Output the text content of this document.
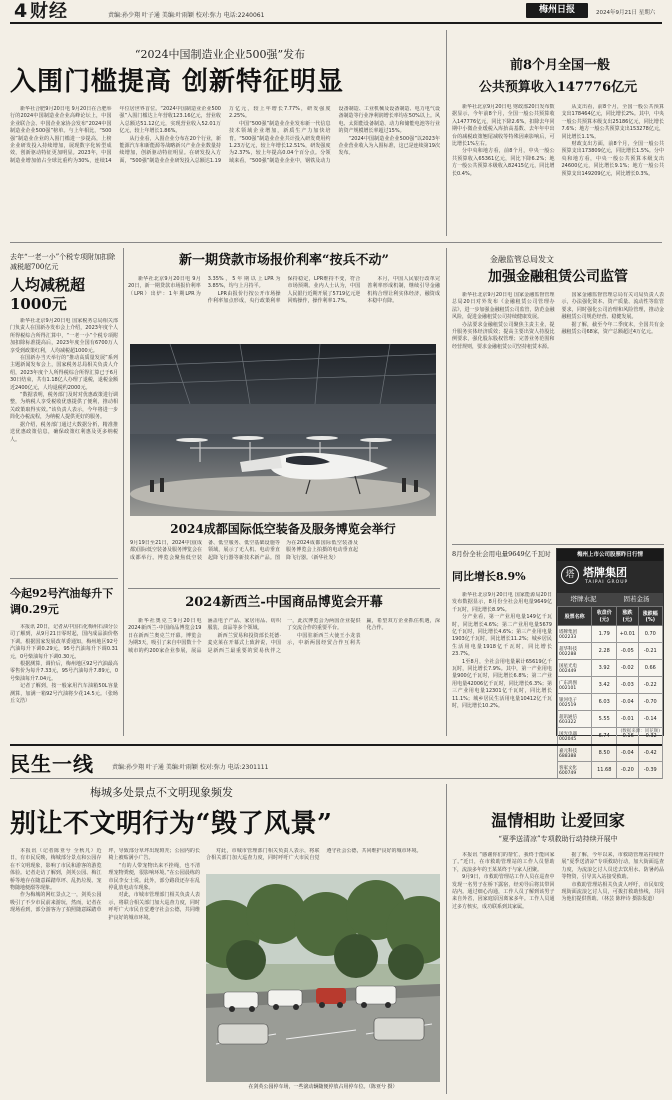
4 财经	责编:孙少翔 叶子通 美编:叶雨颖 校对:弥力 电话:2240061
梅州日报	2024年9月21日 星期六
“2024中国制造业企业500强”发布
入围门槛提高 创新特征明显

新华社合肥9月20日电 9月20日在合肥举行的2024中国制造业企业高峰论坛上，中国企业联合会、中国企业家协会发布“2024中国制造业企业500强”榜单。与上年相比，“500强”制造业企业的入围门槛进一步提高，上榜企业研发投入持续增加，展现数字化转型成效，创新驱动特征更加明显。2023年，中国制造业增加值占全球比重约为30%，连续14年位居世界首位。“2024中国制造业企业500强”入围门槛达上年营收123.16亿元，营业收入总额达51.12亿元，实现营业收入52.01万亿元，较上年增长1.86%。

从行业看，入围企业分布在20个行业，新能源汽车和新能源等战略新兴产业企业数量持续增加，创新驱动特征明显。在研发投入方面，“500强”制造业企业研发投入总额达1.19万亿元，较上年增长7.77%，研发强度2.25%。

中国“500强”制造业企业发布新一代信息技术领域企业增加，新质生产力加快培育。“500强”制造业企业共计投入研发费用约1.23万亿元，较上年增长12.51%，研发强度为2.37%，较上年提高0.04个百分点。分领域来看，“500强”制造业企业中，钢铁及动力设备制造、工业机械及设备制造、电力电气设备制造等行业净利润增长率均在50%以上。风电、太阳能设备制造、动力和储能电池等行业的资产规模增长率超过15%。

“2024中国制造业企业500强”以2023年企业营业收入为入围标准，这已是连续第19次发布。

前8个月全国一般
公共预算收入147776亿元

新华社北京9月20日电 财政部20日发布数据显示，今年前8个月，全国一般公共预算收入147776亿元，同比下降2.6%，扣除去年同期中小微企业缓税入库抬高基数、去年年中出台的减税政策翘尾减收等特殊因素影响后，可比增长1%左右。

分中央和地方看，前8个月，中央一般公共预算收入65361亿元，同比下降6.2%；地方一般公共预算本级收入82415亿元，同比增长0.4%。

从支出看，前8个月，全国一般公共预算支出178464亿元，同比增长2%。其中，中央一般公共预算本级支出25186亿元，同比增长7.6%；地方一般公共预算支出153278亿元，同比增长1.1%。

财政支出方面，前8个月，全国一般公共预算支出173809亿元，同比增长1.5%。分中央和地方看，中央一般公共预算本级支出24600亿元，同比增长9.1%；地方一般公共预算支出149209亿元，同比增长0.3%。

去年“一老一小”个税专项附加扣除减税超700亿元
人均减税超1000元

新华社北京9月20日电 国家税务总局相关部门负责人在国新办发布会上介绍，2023年度个人所得税综合所得汇算中，“一老一小”个税专项附加扣除标准提高后，2023年度全国有6700万人享受到政策红利，人均减税超1000元。

在国新办当天举行的“推动高质量发展”系列主题新闻发布会上，国家税务总局相关负责人介绍，2023年度个人所得税综合所得汇算已于6月30日结束，共有1.18亿人办理了退税，退税金额近2400亿元，人均退税约2000元。

“数据表明，税务部门及时对优惠政策进行调整，为纳税人享受税收优惠提供了便利，推动相关政策取得实效。”该负责人表示，今年将进一步简化办税流程，为纳税人提供更好的服务。

据介绍，税务部门通过大数据分析，精准推送优惠政策信息，确保政策红利惠及更多纳税人。

今起92号汽油每升下调0.29元

本报讯 20日，记者从中国石化梅州石油分公司了解到，从9月21日零时起，国内成品油价格下调。根据国家发展改革委通知，梅州地区92号汽油每升下调0.29元，95号汽油每升下调0.31元，0号柴油每升下调0.30元。

根据测算，调价后，梅州地区92号汽油最高零售价为每升7.33元，95号汽油每升7.89元，0号柴油每升7.04元。

记者了解到，按一般家用汽车油箱50L容量测算，加满一箱92号汽油将少花14.5元。（张旸 丘文浩）

新一期贷款市场报价利率“按兵不动”

新华社北京9月20日电 9月20日，新一期贷款市场报价利率（LPR）出炉：1年期LPR为3.35%，5年期以上LPR为3.85%，均与上月持平。

LPR由报价行按公开市场操作利率加点形成，央行政策利率保持稳定，LPR维持不变，符合市场预期。业内人士认为，中国人民银行近期开展了5719亿元逆回购操作，操作利率1.7%。

本月，中国人民银行改革完善利率形成机制，继续引导金融机构合理让利实体经济，融资成本稳中有降。

2024成都国际低空装备及服务博览会举行
9月19日至21日，2024中国(成都)国际低空装备及服务博览会在成都举行。博览会聚焦低空装备、低空服务、低空基础设施等领域，展示了无人机、电动垂直起降飞行器等新技术新产品。图为在2024成都国际低空装备及服务博览会上拍摄的电动垂直起降飞行器。（新华社发）
2024新西兰-中国商品博览会开幕

新华社奥克兰9月20日电 2024新西兰-中国商品博览会19日在新西兰奥克兰开幕。博览会为期3天，吸引了来自中国数十个城市的约200家企业参展，展品涵盖电子产品、家居用品、纺织服装、食品等多个领域。

新西兰贸易和投资部长托德·麦克莱在开幕式上致辞说，中国是新西兰最重要的贸易伙伴之一，此次博览会为两国企业提供了交流合作的重要平台。

中国驻新西兰大使王小龙表示，中新两国经贸合作互利共赢，希望双方企业抓住机遇，深化合作。

金融监管总局发文
加强金融租赁公司监管

新华社北京9月20日电 国家金融监督管理总局20日对外发布《金融租赁公司管理办法》，进一步加强金融租赁公司监管，防范金融风险，促进金融租赁公司持续健康发展。

办法要求金融租赁公司聚焦主责主业，提升服务实体经济质效；提高主要出资人持股比例要求，强化股东股权管理；完善业务范围和经营规则，要求金融租赁公司坚持租赁本源。

国家金融监督管理总局有关司局负责人表示，办法强化资本、资产质量、流动性等监管要求，同时强化公司治理和风险管理，推动金融租赁公司规范经营、稳健发展。

据了解，截至今年二季度末，全国共有金融租赁公司68家，资产总额超过4万亿元。

8月份全社会用电量9649亿千瓦时
同比增长8.9%

新华社北京9月20日电 国家能源局20日发布数据显示，8月份全社会用电量9649亿千瓦时，同比增长8.9%。

分产业看，第一产业用电量149亿千瓦时，同比增长4.6%；第二产业用电量5679亿千瓦时，同比增长4.6%；第三产业用电量1903亿千瓦时，同比增长11.2%；城乡居民生活用电量1918亿千瓦时，同比增长23.7%。

1至8月，全社会用电量累计65619亿千瓦时，同比增长7.9%。其中，第一产业用电量900亿千瓦时，同比增长6.8%；第二产业用电量42006亿千瓦时，同比增长6.3%；第三产业用电量12301亿千瓦时，同比增长11.1%；城乡居民生活用电量10412亿千瓦时，同比增长10.2%。

梅州上市公司股票昨日行情
塔 塔牌集团
TAIPAI GROUP
塔牌水泥	固若金汤
股票名称	收盘价(元)	涨跌(元)	涨跌幅(%)
塔牌集团 002233	1.79	+0.01	0.70
超华科技 002288	2.28	-0.05	-0.21
国星光电 002449	3.92	-0.02	0.66
广东鸿图 002101	3.42	-0.03	-0.22
银河电子 002519	6.03	-0.04	-0.70
超讯通信 603322	5.55	-0.01	-0.14
国光电器 002045	6.74	-0.16	-0.32
嘉元科技 688388	8.50	-0.04	-0.42
客家文化 600749	11.68	-0.20	-0.39
(数据来源：同花顺)
民生一线	责编:孙少翔 叶子通 美编:叶雨颖 校对:弥力 电话:2301111
梅城多处景点不文明现象频发
别让不文明行为“毁了风景”

本报讯（记者陈亚兮 全秋凡）近日，有市民反映，梅城部分景点和公园存在不文明现象，影响了市民和游客的游览体验。记者走访了解到，剑英公园、梅江桥等地存在随意踩踏草坪、乱扔垃圾、宠物随地便溺等现象。

作为梅城的网红景点之一，剑英公园吸引了不少市民前来游玩，然而，记者在现场看到，部分游客为了拍照随意踩踏草坪，导致部分草坪出现斑秃；公园内的长椅上被贴满小广告。

“有的人带宠物出来不拴绳，也不清理宠物粪便，很影响环境。”在公园晨练的市民李女士说。此外，部分路段还存在乱停乱放电动车现象。

对此，市城市管理部门相关负责人表示，将联合相关部门加大巡查力度，同时呼吁广大市民自觉遵守社会公德，共同维护良好的城市环境。

对此，市城市管理部门相关负责人表示，将联合相关部门加大巡查力度，同时呼吁广大市民自觉遵守社会公德，共同维护良好的城市环境。

在剑英公园停车场，一些滚动辆随便停放占用停车位。（陈亚兮 摄）
温情相助 让爱回家
“夏季送清凉”专项救助行动持续开展中

本报讯 “感谢你们的帮忙，我终于能回家了。”近日，在市救助管理站的工作人员帮助下，流浪多年的王某某终于与家人团聚。

9月9日，市救助管理站工作人员在巡查中发现一名男子在桥下露宿，经劝导后将其带回站内。通过细心沟通，工作人员了解到该男子来自外省，因家庭原因离家多年。工作人员通过多方核实，成功联系到其家属。

据了解，今年以来，市救助管理站持续开展“夏季送清凉”专项救助行动，加大街面巡查力度，为流浪乞讨人员送去饮用水、防暑药品等物资，引导其入站接受救助。

市救助管理站相关负责人呼吁，市民如发现街面流浪乞讨人员，可拨打救助热线，共同为他们提供帮助。（林芸 陈梓诗 摄影报道）
